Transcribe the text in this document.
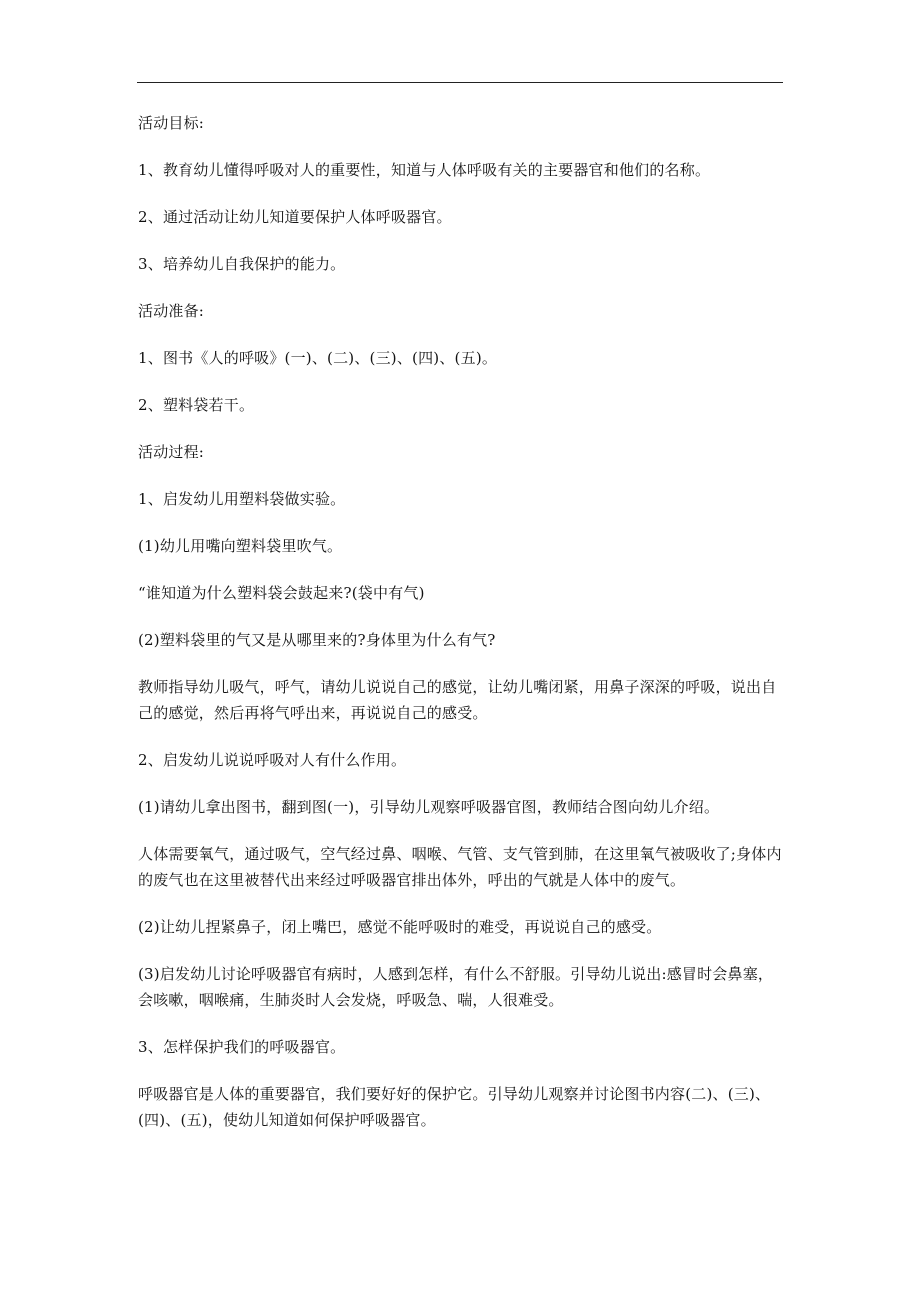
活动目标:

1、教育幼儿懂得呼吸对人的重要性，知道与人体呼吸有关的主要器官和他们的名称。

2、通过活动让幼儿知道要保护人体呼吸器官。

3、培养幼儿自我保护的能力。

活动准备:

1、图书《人的呼吸》(一)、(二)、(三)、(四)、(五)。

2、塑料袋若干。

活动过程:

1、启发幼儿用塑料袋做实验。

(1)幼儿用嘴向塑料袋里吹气。

“谁知道为什么塑料袋会鼓起来?(袋中有气)

(2)塑料袋里的气又是从哪里来的?身体里为什么有气?

教师指导幼儿吸气，呼气，请幼儿说说自己的感觉，让幼儿嘴闭紧，用鼻子深深的呼吸，说出自己的感觉，然后再将气呼出来，再说说自己的感受。

2、启发幼儿说说呼吸对人有什么作用。

(1)请幼儿拿出图书，翻到图(一)，引导幼儿观察呼吸器官图，教师结合图向幼儿介绍。

人体需要氧气，通过吸气，空气经过鼻、咽喉、气管、支气管到肺，在这里氧气被吸收了;身体内的废气也在这里被替代出来经过呼吸器官排出体外，呼出的气就是人体中的废气。

(2)让幼儿捏紧鼻子，闭上嘴巴，感觉不能呼吸时的难受，再说说自己的感受。

(3)启发幼儿讨论呼吸器官有病时，人感到怎样，有什么不舒服。引导幼儿说出:感冒时会鼻塞，会咳嗽，咽喉痛，生肺炎时人会发烧，呼吸急、喘，人很难受。

3、怎样保护我们的呼吸器官。

呼吸器官是人体的重要器官，我们要好好的保护它。引导幼儿观察并讨论图书内容(二)、(三)、(四)、(五)，使幼儿知道如何保护呼吸器官。
